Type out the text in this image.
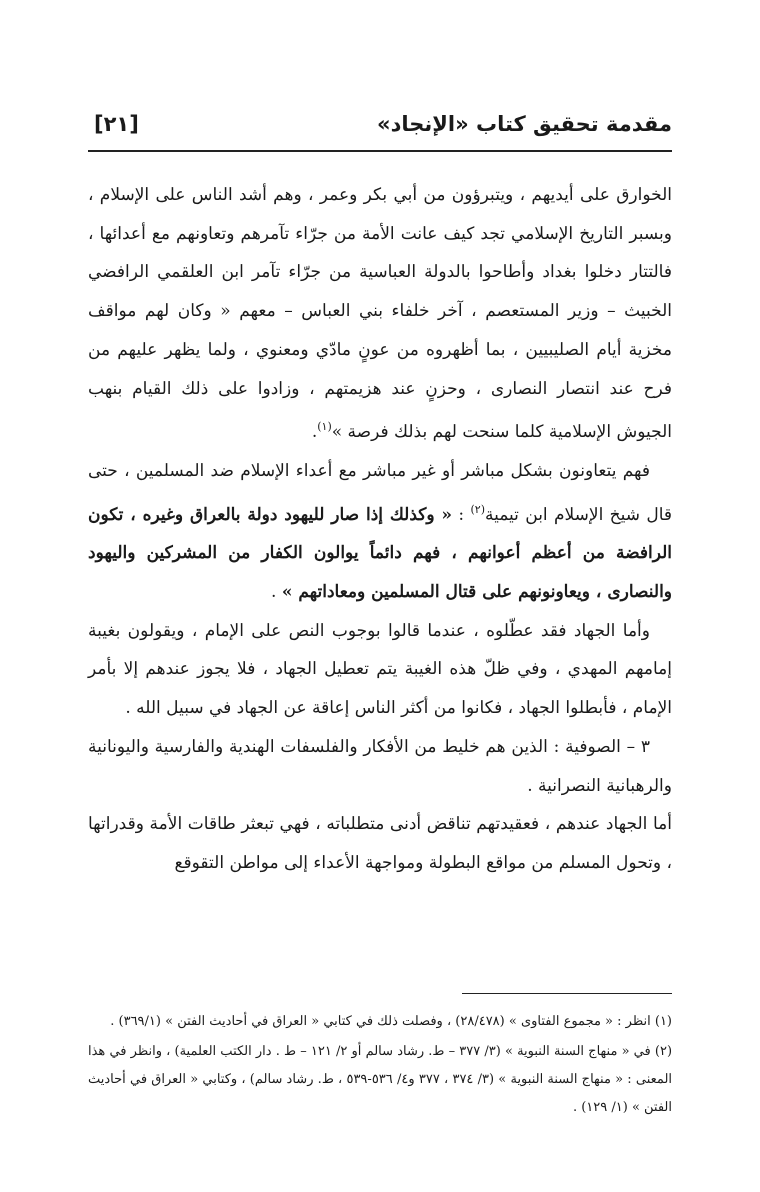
مقدمة تحقيق كتاب «الإنجاد»
[٢١]

الخوارق على أيديهم ، ويتبرؤون من أبي بكر وعمر ، وهم أشد الناس على الإسلام ، وبسبر التاريخ الإسلامي تجد كيف عانت الأمة من جرّاء تآمرهم وتعاونهم مع أعدائها ، فالتتار دخلوا بغداد وأطاحوا بالدولة العباسية من جرّاء تآمر ابن العلقمي الرافضي الخبيث – وزير المستعصم ، آخر خلفاء بني العباس – معهم « وكان لهم مواقف مخزية أيام الصليبيين ، بما أظهروه من عونٍ مادّي ومعنوي ، ولما يظهر عليهم من فرح عند انتصار النصارى ، وحزنٍ عند هزيمتهم ، وزادوا على ذلك القيام بنهب الجيوش الإسلامية كلما سنحت لهم بذلك فرصة »$^{(١)}$.

فهم يتعاونون بشكل مباشر أو غير مباشر مع أعداء الإسلام ضد المسلمين ، حتى قال شيخ الإسلام ابن تيمية$^{(٢)}$ : « وكذلك إذا صار لليهود دولة بالعراق وغيره ، تكون الرافضة من أعظم أعوانهم ، فهم دائماً يوالون الكفار من المشركين واليهود والنصارى ، ويعاونونهم على قتال المسلمين ومعاداتهم » .

وأما الجهاد فقد عطّلوه ، عندما قالوا بوجوب النص على الإمام ، ويقولون بغيبة إمامهم المهدي ، وفي ظلّ هذه الغيبة يتم تعطيل الجهاد ، فلا يجوز عندهم إلا بأمر الإمام ، فأبطلوا الجهاد ، فكانوا من أكثر الناس إعاقة عن الجهاد في سبيل الله .

٣ – الصوفية : الذين هم خليط من الأفكار والفلسفات الهندية والفارسية واليونانية والرهبانية النصرانية .

أما الجهاد عندهم ، فعقيدتهم تناقض أدنى متطلباته ، فهي تبعثر طاقات الأمة وقدراتها ، وتحول المسلم من مواقع البطولة ومواجهة الأعداء إلى مواطن التقوقع

(١) انظر : « مجموع الفتاوى » (٢٨/٤٧٨) ، وفصلت ذلك في كتابي « العراق في أحاديث الفتن » (٣٦٩/١) .

(٢) في « منهاج السنة النبوية » (٣/ ٣٧٧ – ط. رشاد سالم أو ٢/ ١٢١ – ط . دار الكتب العلمية) ، وانظر في هذا المعنى : « منهاج السنة النبوية » (٣/ ٣٧٤ ، ٣٧٧ و٤/ ٥٣٦-٥٣٩ ، ط. رشاد سالم) ، وكتابي « العراق في أحاديث الفتن » (١/ ١٢٩) .
